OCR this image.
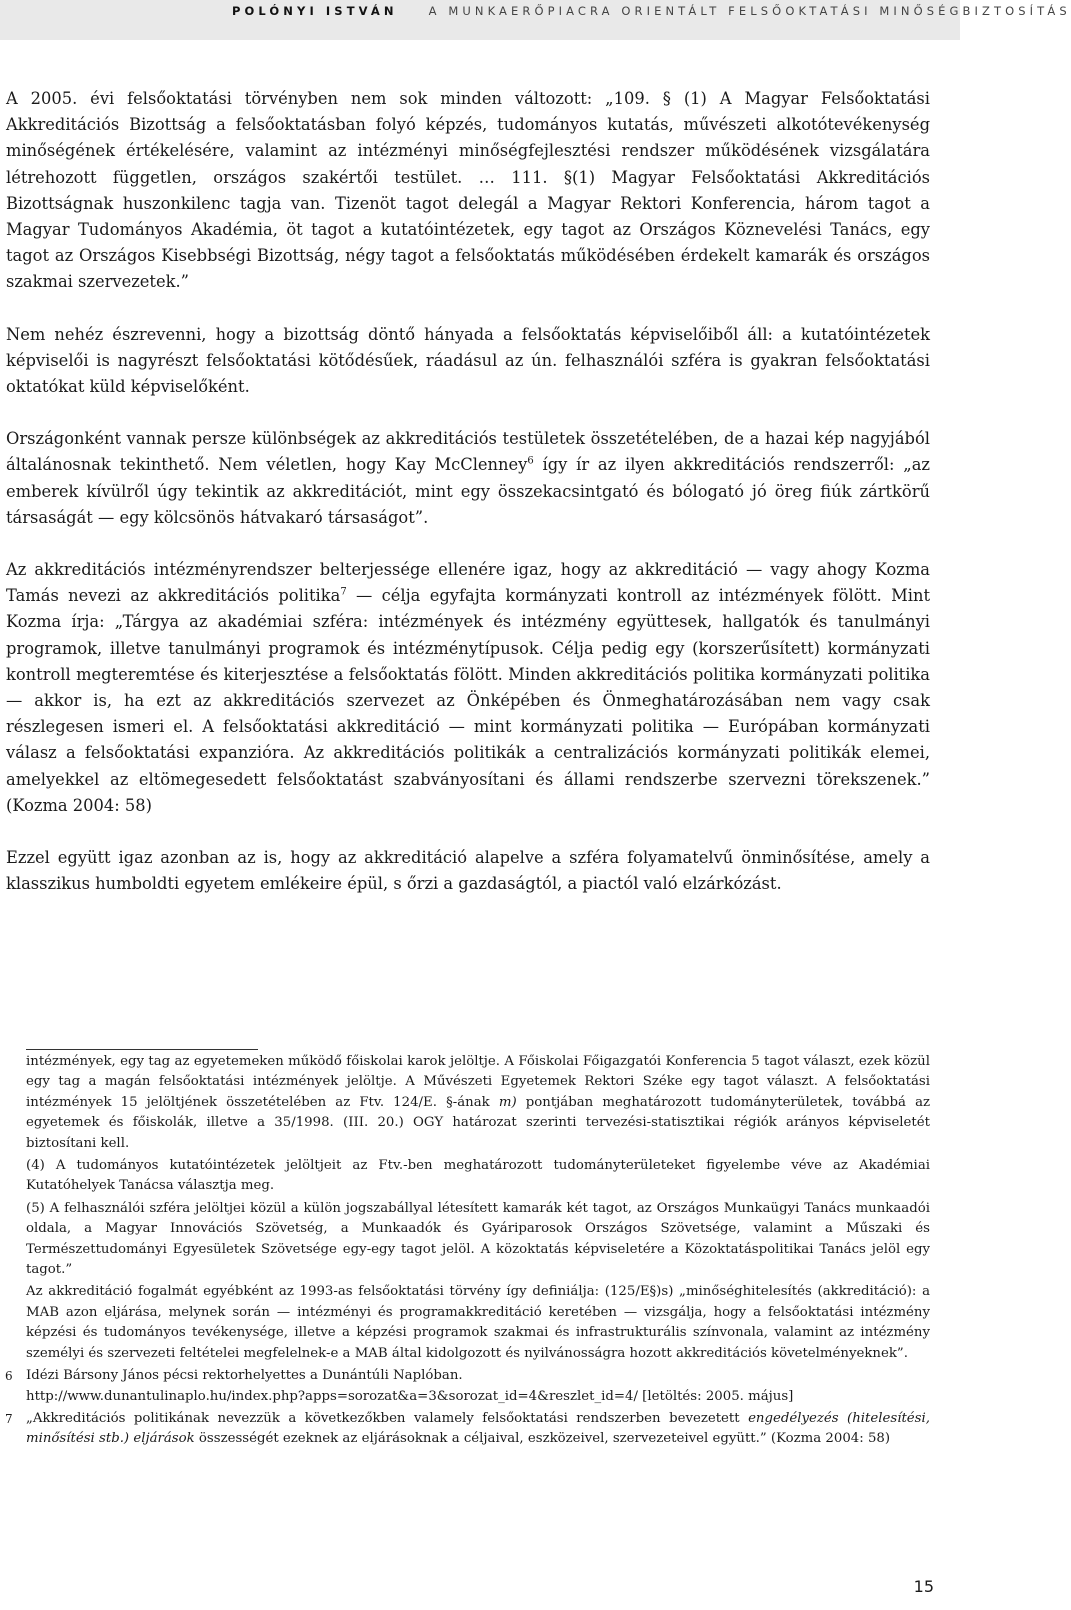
POLÓNYI ISTVÁN	A MUNKAERŐPIACRA ORIENTÁLT FELSŐOKTATÁSI MINŐSÉGBIZTOSÍTÁS

A 2005. évi felsőoktatási törvényben nem sok minden változott: „109. § (1) A Magyar Felsőoktatási Akkreditációs Bizottság a felsőoktatásban folyó képzés, tudományos kutatás, művészeti alkotótevékenység minőségének értékelésére, valamint az intézményi minőségfejlesztési rendszer működésének vizsgálatára létrehozott független, országos szakértői testület. … 111. §(1) Magyar Felsőoktatási Akkreditációs Bizottságnak huszonkilenc tagja van. Tizenöt tagot delegál a Magyar Rektori Konferencia, három tagot a Magyar Tudományos Akadémia, öt tagot a kutatóintézetek, egy tagot az Országos Köznevelési Tanács, egy tagot az Országos Kisebbségi Bizottság, négy tagot a felsőoktatás működésében érdekelt kamarák és országos szakmai szervezetek.”

Nem nehéz észrevenni, hogy a bizottság döntő hányada a felsőoktatás képviselőiből áll: a kutatóintézetek képviselői is nagyrészt felsőoktatási kötődésűek, ráadásul az ún. felhasználói szféra is gyakran felsőoktatási oktatókat küld képviselőként.

Országonként vannak persze különbségek az akkreditációs testületek összetételében, de a hazai kép nagyjából általánosnak tekinthető. Nem véletlen, hogy Kay McClenney$^6$ így ír az ilyen akkreditációs rendszerről: „az emberek kívülről úgy tekintik az akkreditációt, mint egy összekacsintgató és bólogató jó öreg fiúk zártkörű társaságát — egy kölcsönös hátvakaró társaságot”.

Az akkreditációs intézményrendszer belterjessége ellenére igaz, hogy az akkreditáció — vagy ahogy Kozma Tamás nevezi az akkreditációs politika$^7$ — célja egyfajta kormányzati kontroll az intézmények fölött. Mint Kozma írja: „Tárgya az akadémiai szféra: intézmények és intézmény együttesek, hallgatók és tanulmányi programok, illetve tanulmányi programok és intézménytípusok. Célja pedig egy (korszerűsített) kormányzati kontroll megteremtése és kiterjesztése a felsőoktatás fölött. Minden akkreditációs politika kormányzati politika — akkor is, ha ezt az akkreditációs szervezet az Önképében és Önmeghatározásában nem vagy csak részlegesen ismeri el. A felsőoktatási akkreditáció — mint kormányzati politika — Európában kormányzati válasz a felsőoktatási expanzióra. Az akkreditációs politikák a centralizációs kormányzati politikák elemei, amelyekkel az eltömegesedett felsőoktatást szabványosítani és állami rendszerbe szervezni törekszenek.” (Kozma 2004: 58)

Ezzel együtt igaz azonban az is, hogy az akkreditáció alapelve a szféra folyamatelvű önminősítése, amely a klasszikus humboldti egyetem emlékeire épül, s őrzi a gazdaságtól, a piactól való elzárkózást.

intézmények, egy tag az egyetemeken működő főiskolai karok jelöltje. A Főiskolai Főigazgatói Konferencia 5 tagot választ, ezek közül egy tag a magán felsőoktatási intézmények jelöltje. A Művészeti Egyetemek Rektori Széke egy tagot választ. A felsőoktatási intézmények 15 jelöltjének összetételében az Ftv. 124/E. §-ának m) pontjában meghatározott tudományterületek, továbbá az egyetemek és főiskolák, illetve a 35/1998. (III. 20.) OGY határozat szerinti tervezési-statisztikai régiók arányos képviseletét biztosítani kell.

(4) A tudományos kutatóintézetek jelöltjeit az Ftv.-ben meghatározott tudományterületeket figyelembe véve az Akadémiai Kutatóhelyek Tanácsa választja meg.

(5) A felhasználói szféra jelöltjei közül a külön jogszabállyal létesített kamarák két tagot, az Országos Munkaügyi Tanács munkaadói oldala, a Magyar Innovációs Szövetség, a Munkaadók és Gyáriparosok Országos Szövetsége, valamint a Műszaki és Természettudományi Egyesületek Szövetsége egy-egy tagot jelöl. A közoktatás képviseletére a Közoktatáspolitikai Tanács jelöl egy tagot.”

Az akkreditáció fogalmát egyébként az 1993-as felsőoktatási törvény így definiálja: (125/E§)s) „minőséghitelesítés (akkreditáció): a MAB azon eljárása, melynek során — intézményi és programakkreditáció keretében — vizsgálja, hogy a felsőoktatási intézmény képzési és tudományos tevékenysége, illetve a képzési programok szakmai és infrastrukturális színvonala, valamint az intézmény személyi és szervezeti feltételei megfelelnek-e a MAB által kidolgozott és nyilvánosságra hozott akkreditációs követelményeknek”.

6 Idézi Bársony János pécsi rektorhelyettes a Dunántúli Naplóban.
http://www.dunantulinaplo.hu/index.php?apps=sorozat&a=3&sorozat_id=4&reszlet_id=4/ [letöltés: 2005. május]

7 „Akkreditációs politikának nevezzük a következőkben valamely felsőoktatási rendszerben bevezetett engedélyezés (hitelesítési, minősítési stb.) eljárások összességét ezeknek az eljárásoknak a céljaival, eszközeivel, szervezeteivel együtt.” (Kozma 2004: 58)

15
